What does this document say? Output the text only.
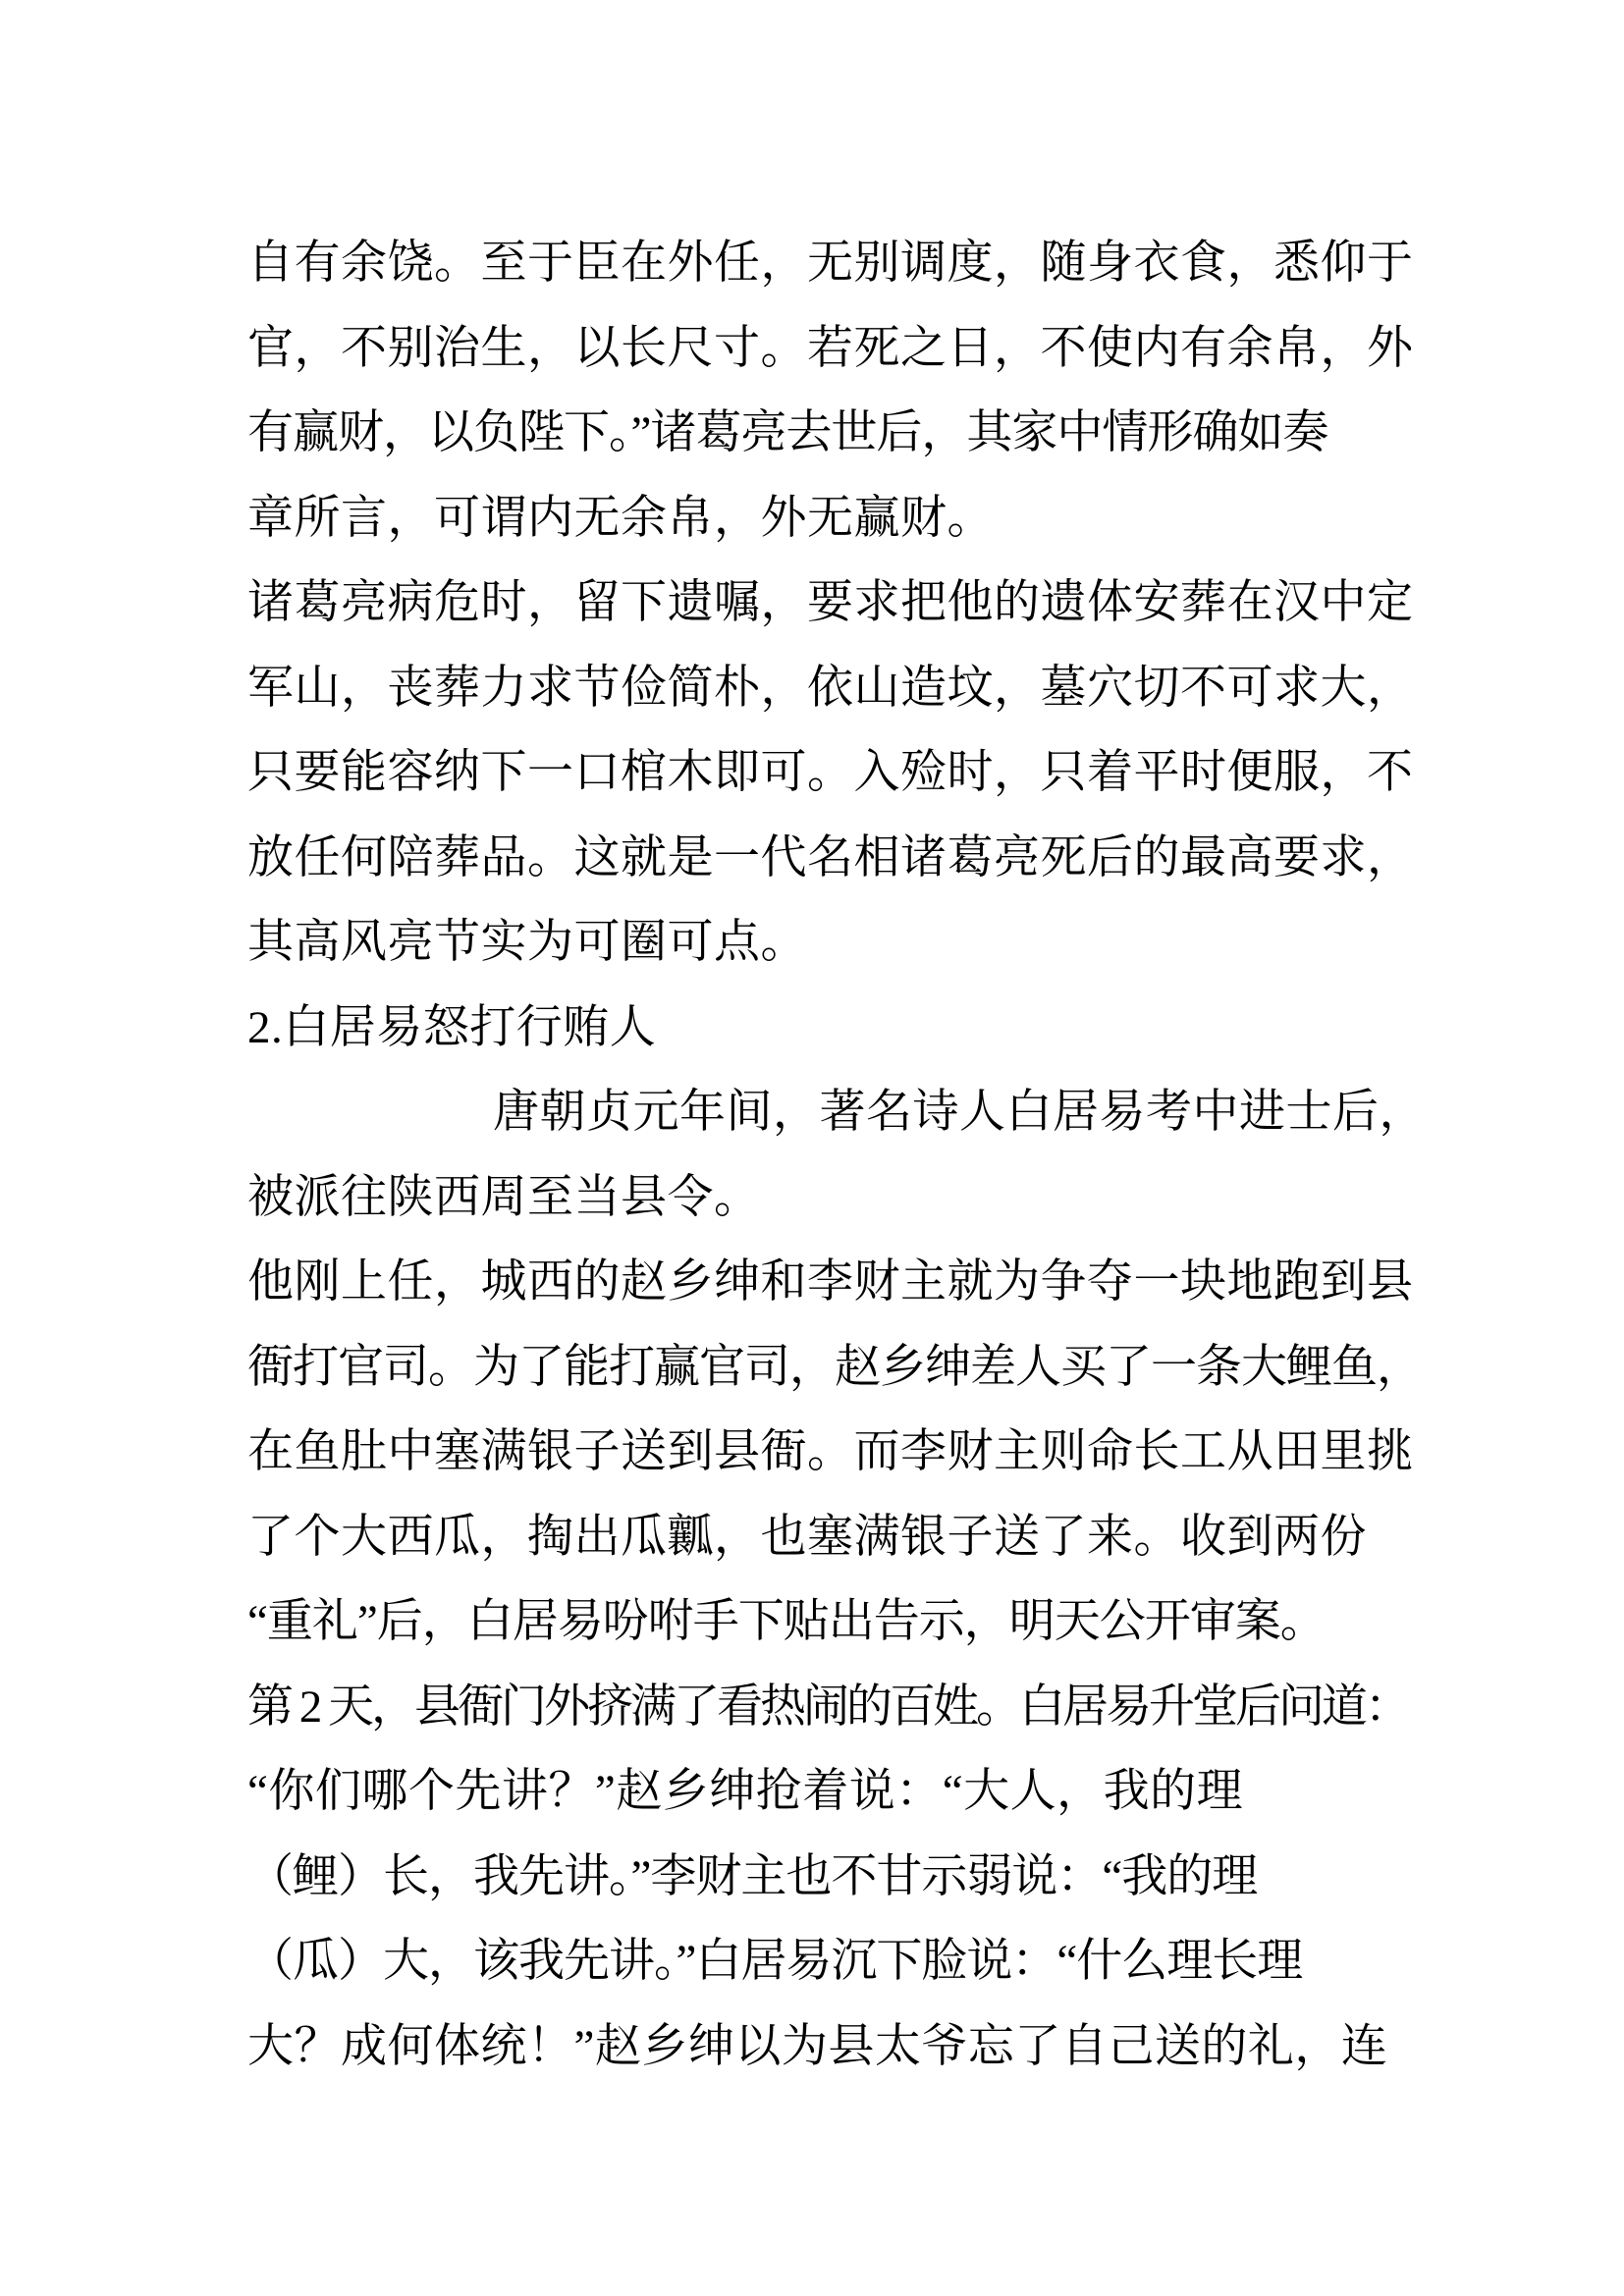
自有余饶。至于臣在外任，无别调度，随身衣食，悉仰于
官，不别治生，以长尺寸。若死之日，不使内有余帛，外
有赢财，以负陛下。”诸葛亮去世后，其家中情形确如奏
章所言，可谓内无余帛，外无赢财。
诸葛亮病危时，留下遗嘱，要求把他的遗体安葬在汉中定
军山，丧葬力求节俭简朴，依山造坟，墓穴切不可求大，
只要能容纳下一口棺木即可。入殓时，只着平时便服，不
放任何陪葬品。这就是一代名相诸葛亮死后的最高要求，
其高风亮节实为可圈可点。
2.白居易怒打行贿人
唐朝贞元年间，著名诗人白居易考中进士后，
被派往陕西周至当县令。
他刚上任，城西的赵乡绅和李财主就为争夺一块地跑到县
衙打官司。为了能打赢官司，赵乡绅差人买了一条大鲤鱼，
在鱼肚中塞满银子送到县衙。而李财主则命长工从田里挑
了个大西瓜，掏出瓜瓤，也塞满银子送了来。收到两份
“重礼”后，白居易吩咐手下贴出告示，明天公开审案。
第 2 天，县衙门外挤满了看热闹的百姓。白居易升堂后问道：
“你们哪个先讲？”赵乡绅抢着说：“大人，我的理
（鲤）长，我先讲。”李财主也不甘示弱说：“我的理
（瓜）大，该我先讲。”白居易沉下脸说：“什么理长理
大？成何体统！”赵乡绅以为县太爷忘了自己送的礼，连
